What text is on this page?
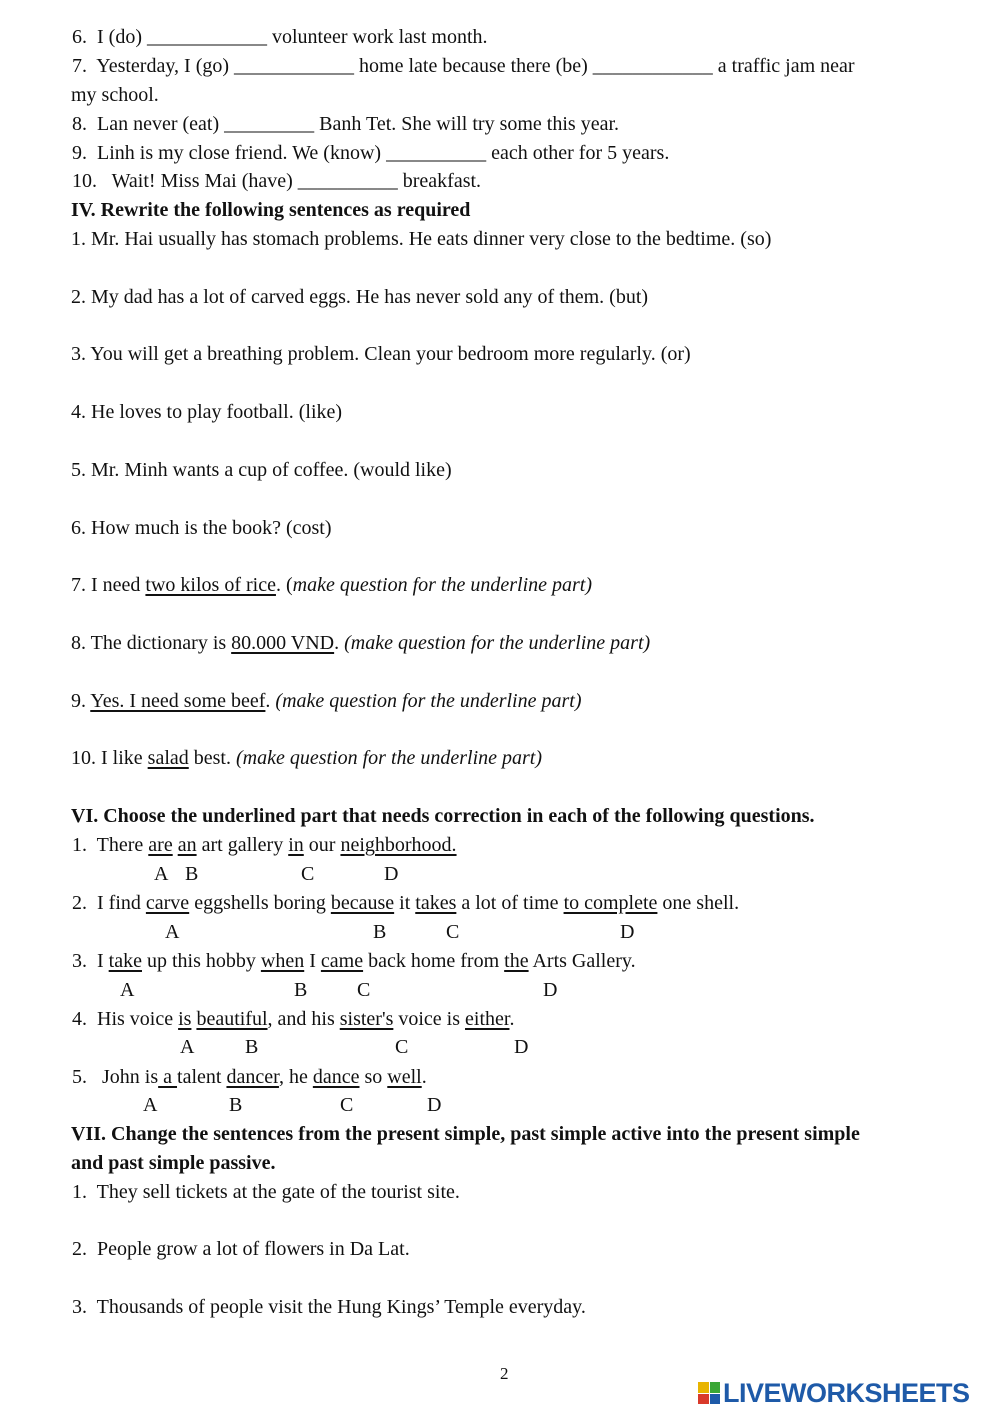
6. I (do) ____________ volunteer work last month.
7. Yesterday, I (go) ____________ home late because there (be) ____________ a traffic jam near
my school.
8. Lan never (eat) _________ Banh Tet. She will try some this year.
9. Linh is my close friend. We (know) __________ each other for 5 years.
10. Wait! Miss Mai (have) __________ breakfast.
IV. Rewrite the following sentences as required
1. Mr. Hai usually has stomach problems. He eats dinner very close to the bedtime. (so)
2. My dad has a lot of carved eggs. He has never sold any of them. (but)
3. You will get a breathing problem. Clean your bedroom more regularly. (or)
4. He loves to play football. (like)
5. Mr. Minh wants a cup of coffee. (would like)
6. How much is the book? (cost)
7. I need two kilos of rice. (make question for the underline part)
8. The dictionary is 80.000 VND. (make question for the underline part)
9. Yes. I need some beef. (make question for the underline part)
10. I like salad best. (make question for the underline part)
VI. Choose the underlined part that needs correction in each of the following questions.
1. There are an art gallery in our neighborhood.
A B	C	D
2. I find carve eggshells boring because it takes a lot of time to complete one shell.
A	B	C	D
3. I take up this hobby when I came back home from the Arts Gallery.
A	B C	D
4. His voice is beautiful, and his sister's voice is either.
A	B	C	D
5. John is a talent dancer, he dance so well.
A	B	C	D
VII. Change the sentences from the present simple, past simple active into the present simple
and past simple passive.
1. They sell tickets at the gate of the tourist site.
2. People grow a lot of flowers in Da Lat.
3. Thousands of people visit the Hung Kings’ Temple everyday.
2
LIVEWORKSHEETS
